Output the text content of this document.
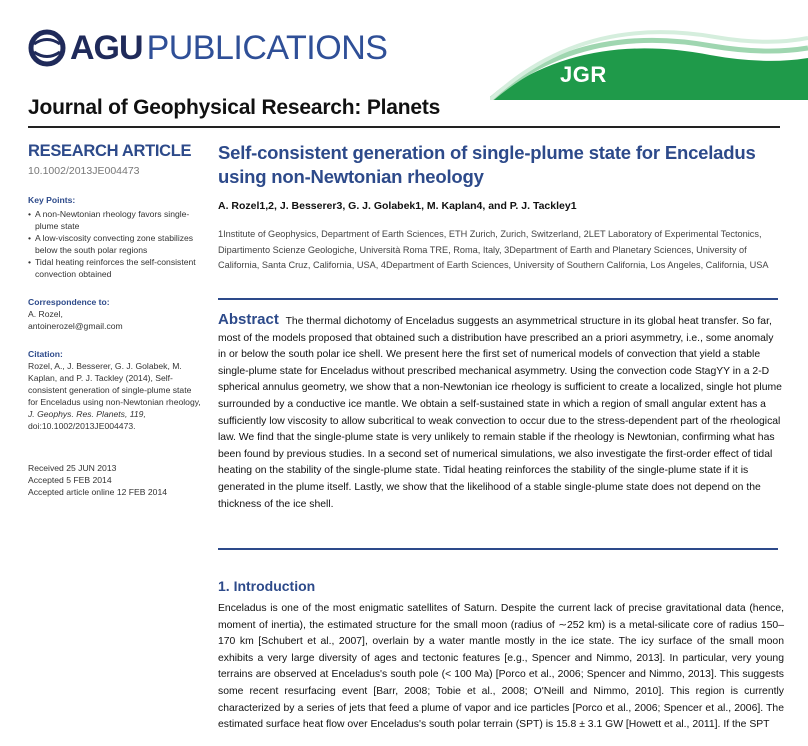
AGU PUBLICATIONS
JGR
Journal of Geophysical Research: Planets
RESEARCH ARTICLE
10.1002/2013JE004473
Key Points:
• A non-Newtonian rheology favors single-plume state
• A low-viscosity convecting zone stabilizes below the south polar regions
• Tidal heating reinforces the self-consistent convection obtained
Correspondence to:
A. Rozel,
antoinerozel@gmail.com
Citation:
Rozel, A., J. Besserer, G. J. Golabek, M. Kaplan, and P. J. Tackley (2014), Self-consistent generation of single-plume state for Enceladus using non-Newtonian rheology, J. Geophys. Res. Planets, 119, doi:10.1002/2013JE004473.
Received 25 JUN 2013
Accepted 5 FEB 2014
Accepted article online 12 FEB 2014
Self-consistent generation of single-plume state for Enceladus using non-Newtonian rheology
A. Rozel1,2, J. Besserer3, G. J. Golabek1, M. Kaplan4, and P. J. Tackley1
1Institute of Geophysics, Department of Earth Sciences, ETH Zurich, Zurich, Switzerland, 2LET Laboratory of Experimental Tectonics, Dipartimento Scienze Geologiche, Università Roma TRE, Roma, Italy, 3Department of Earth and Planetary Sciences, University of California, Santa Cruz, California, USA, 4Department of Earth Sciences, University of Southern California, Los Angeles, California, USA
Abstract The thermal dichotomy of Enceladus suggests an asymmetrical structure in its global heat transfer. So far, most of the models proposed that obtained such a distribution have prescribed an a priori asymmetry, i.e., some anomaly in or below the south polar ice shell. We present here the first set of numerical models of convection that yield a stable single-plume state for Enceladus without prescribed mechanical asymmetry. Using the convection code StagYY in a 2-D spherical annulus geometry, we show that a non-Newtonian ice rheology is sufficient to create a localized, single hot plume surrounded by a conductive ice mantle. We obtain a self-sustained state in which a region of small angular extent has a sufficiently low viscosity to allow subcritical to weak convection to occur due to the stress-dependent part of the rheological law. We find that the single-plume state is very unlikely to remain stable if the rheology is Newtonian, confirming what has been found by previous studies. In a second set of numerical simulations, we also investigate the first-order effect of tidal heating on the stability of the single-plume state. Tidal heating reinforces the stability of the single-plume state if it is generated in the plume itself. Lastly, we show that the likelihood of a stable single-plume state does not depend on the thickness of the ice shell.
1. Introduction
Enceladus is one of the most enigmatic satellites of Saturn. Despite the current lack of precise gravitational data (hence, moment of inertia), the estimated structure for the small moon (radius of ∼252 km) is a metal-silicate core of radius 150–170 km [Schubert et al., 2007], overlain by a water mantle mostly in the ice state. The icy surface of the small moon exhibits a very large diversity of ages and tectonic features [e.g., Spencer and Nimmo, 2013]. In particular, very young terrains are observed at Enceladus's south pole (< 100 Ma) [Porco et al., 2006; Spencer and Nimmo, 2013]. This suggests some recent resurfacing event [Barr, 2008; Tobie et al., 2008; O'Neill and Nimmo, 2010]. This region is currently characterized by a series of jets that feed a plume of vapor and ice particles [Porco et al., 2006; Spencer et al., 2006]. The estimated surface heat flow over Enceladus's south polar terrain (SPT) is 15.8 ± 3.1 GW [Howett et al., 2011]. If the SPT
